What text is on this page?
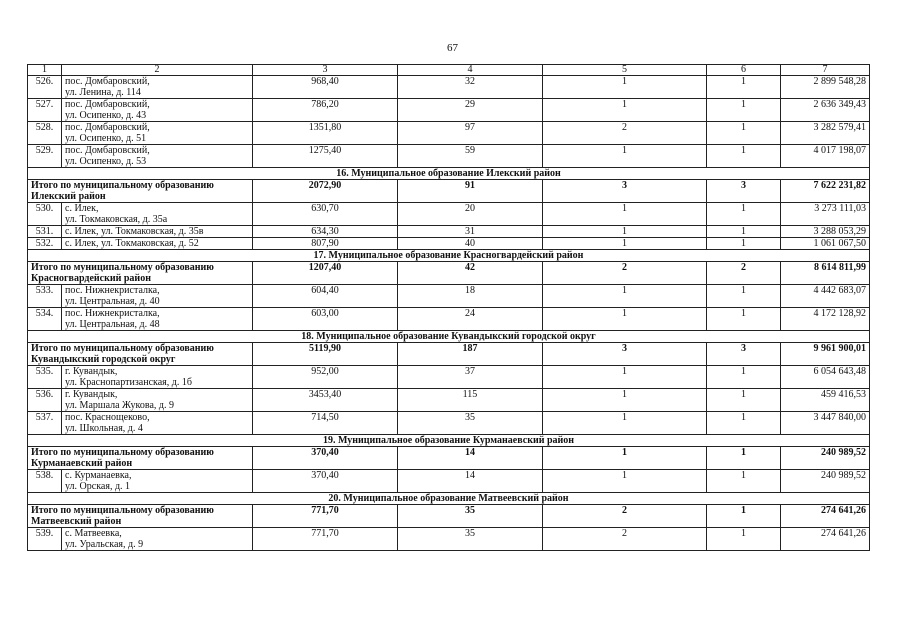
67
1	2	3	4	5	6	7
526.	пос. Домбаровский,
ул. Ленина, д. 114	968,40	32	1	1	2 899 548,28
527.	пос. Домбаровский,
ул. Осипенко, д. 43	786,20	29	1	1	2 636 349,43
528.	пос. Домбаровский,
ул. Осипенко, д. 51	1351,80	97	2	1	3 282 579,41
529.	пос. Домбаровский,
ул. Осипенко, д. 53	1275,40	59	1	1	4 017 198,07
16. Муниципальное образование Илекский район						
Итого по муниципальному образованию
Илекский район		2072,90	91	3	3	7 622 231,82
530.	с. Илек,
ул. Токмаковская, д. 35а	630,70	20	1	1	3 273 111,03
531.	с. Илек, ул. Токмаковская, д. 35в	634,30	31	1	1	3 288 053,29
532.	с. Илек, ул. Токмаковская, д. 52	807,90	40	1	1	1 061 067,50
17. Муниципальное образование Красногвардейский район						
Итого по муниципальному образованию
Красногвардейский район		1207,40	42	2	2	8 614 811,99
533.	пос. Нижнекристалка,
ул. Центральная, д. 40	604,40	18	1	1	4 442 683,07
534.	пос. Нижнекристалка,
ул. Центральная, д. 48	603,00	24	1	1	4 172 128,92
18. Муниципальное образование Кувандыкский городской округ						
Итого по муниципальному образованию
Кувандыкский городской округ		5119,90	187	3	3	9 961 900,01
535.	г. Кувандык,
ул. Краснопартизанская, д. 1б	952,00	37	1	1	6 054 643,48
536.	г. Кувандык,
ул. Маршала Жукова, д. 9	3453,40	115	1	1	459 416,53
537.	пос. Краснощеково,
ул. Школьная, д. 4	714,50	35	1	1	3 447 840,00
19. Муниципальное образование Курманаевский район						
Итого по муниципальному образованию
Курманаевский район		370,40	14	1	1	240 989,52
538.	с. Курманаевка,
ул. Орская, д. 1	370,40	14	1	1	240 989,52
20. Муниципальное образование Матвеевский район						
Итого по муниципальному образованию
Матвеевский район		771,70	35	2	1	274 641,26
539.	с. Матвеевка,
ул. Уральская, д. 9	771,70	35	2	1	274 641,26
